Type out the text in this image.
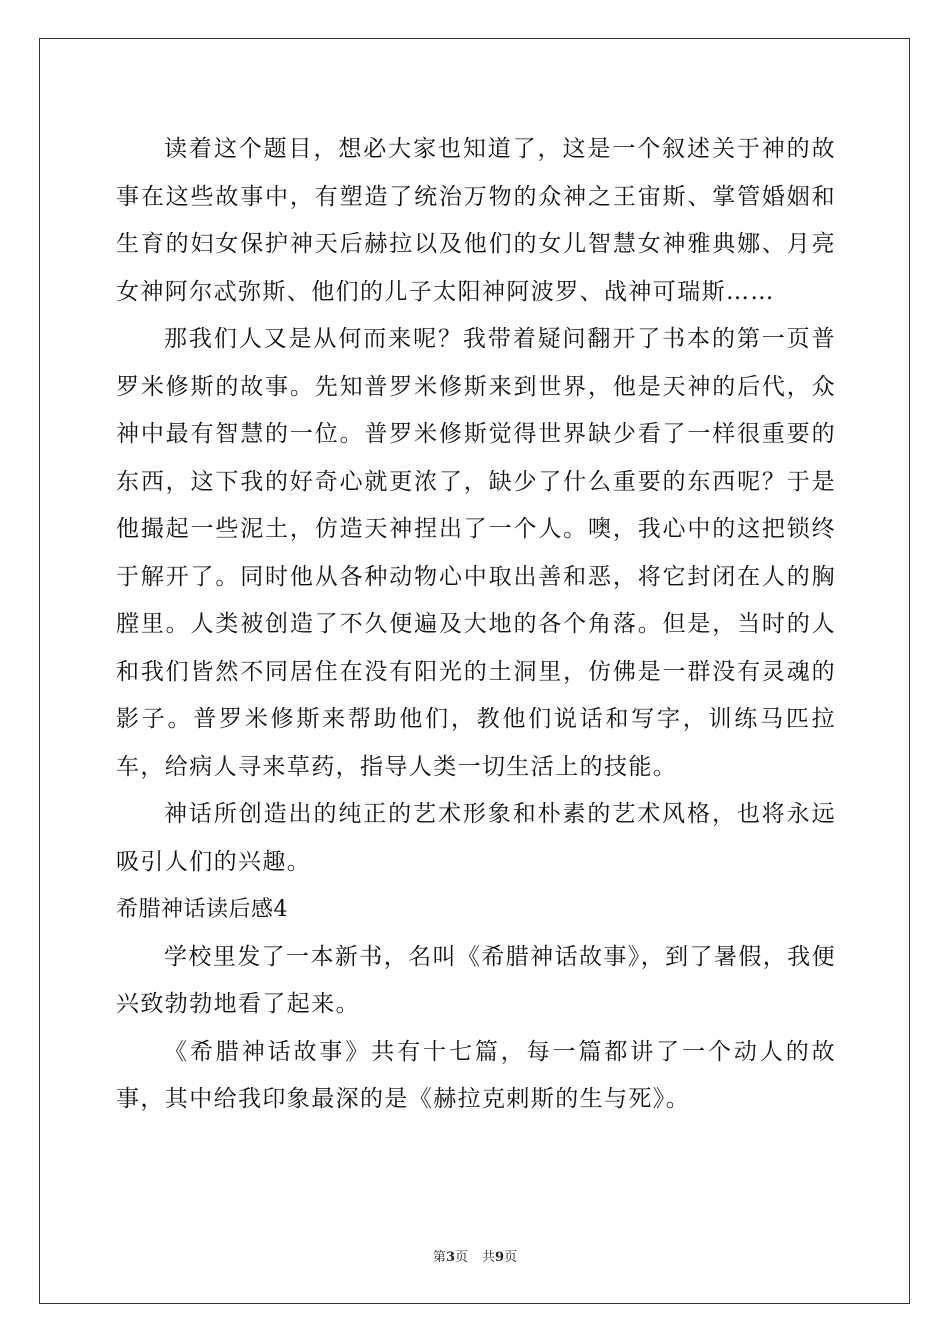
读着这个题目，想必大家也知道了，这是一个叙述关于神的故事在这些故事中，有塑造了统治万物的众神之王宙斯、掌管婚姻和生育的妇女保护神天后赫拉以及他们的女儿智慧女神雅典娜、月亮女神阿尔忒弥斯、他们的儿子太阳神阿波罗、战神可瑞斯……

那我们人又是从何而来呢？我带着疑问翻开了书本的第一页普罗米修斯的故事。先知普罗米修斯来到世界，他是天神的后代，众神中最有智慧的一位。普罗米修斯觉得世界缺少看了一样很重要的东西，这下我的好奇心就更浓了，缺少了什么重要的东西呢？于是他撮起一些泥土，仿造天神捏出了一个人。噢，我心中的这把锁终于解开了。同时他从各种动物心中取出善和恶，将它封闭在人的胸膛里。人类被创造了不久便遍及大地的各个角落。但是，当时的人和我们皆然不同居住在没有阳光的土洞里，仿佛是一群没有灵魂的影子。普罗米修斯来帮助他们，教他们说话和写字，训练马匹拉车，给病人寻来草药，指导人类一切生活上的技能。

神话所创造出的纯正的艺术形象和朴素的艺术风格，也将永远吸引人们的兴趣。

希腊神话读后感4

学校里发了一本新书，名叫《希腊神话故事》，到了暑假，我便兴致勃勃地看了起来。

《希腊神话故事》共有十七篇，每一篇都讲了一个动人的故事，其中给我印象最深的是《赫拉克剌斯的生与死》。

第3页 共9页
